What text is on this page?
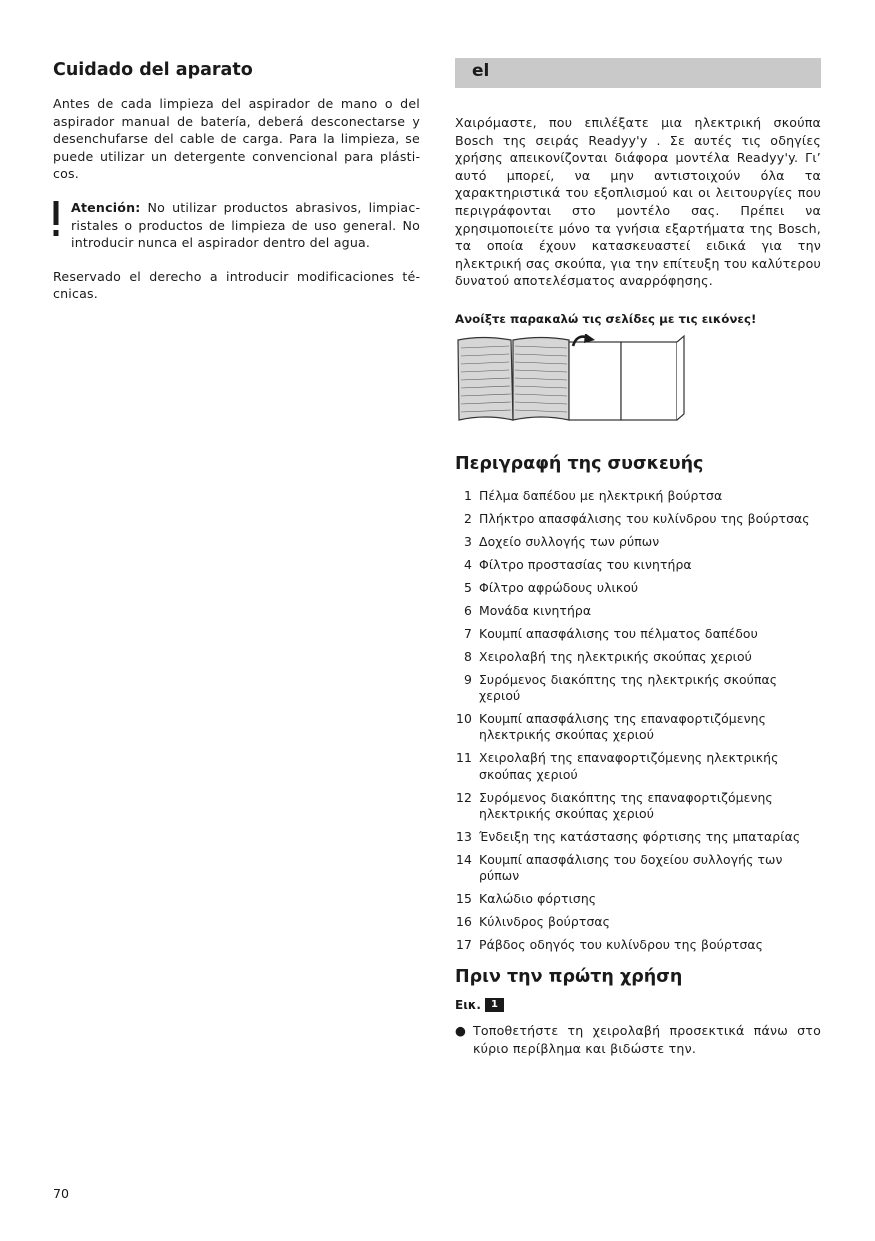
Cuidado del aparato

Antes de cada limpieza del aspirador de mano o del aspirador manual de batería, deberá desconectarse y desenchufarse del cable de carga. Para la limpieza, se puede utilizar un detergente convencional para plásticos.

Atención: No utilizar productos abrasivos, limpiacristales o productos de limpieza de uso general. No introducir nunca el aspirador dentro del agua.

Reservado el derecho a introducir modificaciones técnicas.

el

Χαιρόμαστε, που επιλέξατε μια ηλεκτρική σκούπα Bosch της σειράς Readyy'y . Σε αυτές τις οδηγίες χρήσης απεικονίζονται διάφορα μοντέλα Readyy'y. Γι’ αυτό μπορεί, να μην αντιστοιχούν όλα τα χαρακτηριστικά του εξοπλισμού και οι λειτουργίες που περιγράφονται στο μοντέλο σας. Πρέπει να χρησιμοποιείτε μόνο τα γνήσια εξαρτήματα της Bosch, τα οποία έχουν κατασκευαστεί ειδικά για την ηλεκτρική σας σκούπα, για την επίτευξη του καλύτερου δυνατού αποτελέσματος αναρρόφησης.

Ανοίξτε παρακαλώ τις σελίδες με τις εικόνες!
Περιγραφή της συσκευής
1 Πέλμα δαπέδου με ηλεκτρική βούρτσα
2 Πλήκτρο απασφάλισης του κυλίνδρου της βούρτσας
3 Δοχείο συλλογής των ρύπων
4 Φίλτρο προστασίας του κινητήρα
5 Φίλτρο αφρώδους υλικού
6 Μονάδα κινητήρα
7 Κουμπί απασφάλισης του πέλματος δαπέδου
8 Χειρολαβή της ηλεκτρικής σκούπας χεριού
9 Συρόμενος διακόπτης της ηλεκτρικής σκούπας χεριού
10 Κουμπί απασφάλισης της επαναφορτιζόμενης ηλεκτρικής σκούπας χεριού
11 Χειρολαβή της επαναφορτιζόμενης ηλεκτρικής σκούπας χεριού
12 Συρόμενος διακόπτης της επαναφορτιζόμενης ηλεκτρικής σκούπας χεριού
13 Ένδειξη της κατάστασης φόρτισης της μπαταρίας
14 Κουμπί απασφάλισης του δοχείου συλλογής των ρύπων
15 Καλώδιο φόρτισης
16 Κύλινδρος βούρτσας
17 Ράβδος οδηγός του κυλίνδρου της βούρτσας
Πριν την πρώτη χρήση
Εικ.	1
● Τοποθετήστε τη χειρολαβή προσεκτικά πάνω στο κύριο περίβλημα και βιδώστε την.
70
